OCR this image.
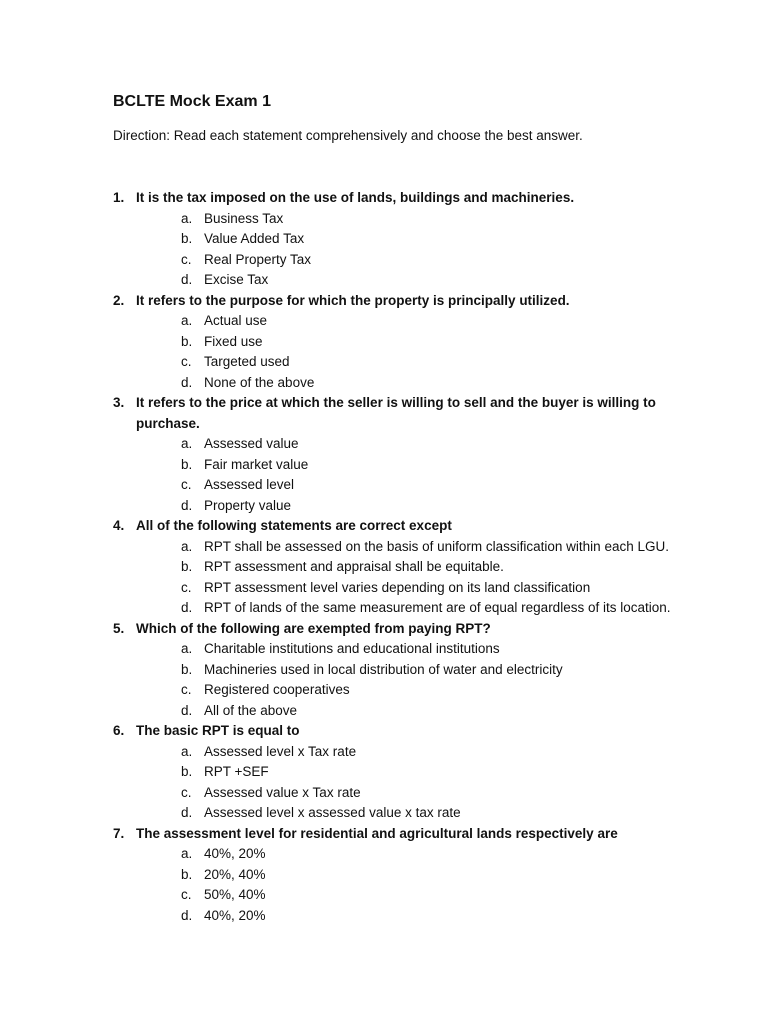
BCLTE Mock Exam 1

Direction: Read each statement comprehensively and choose the best answer.

1. It is the tax imposed on the use of lands, buildings and machineries.

a. Business Tax
b. Value Added Tax
c. Real Property Tax
d. Excise Tax
2. It refers to the purpose for which the property is principally utilized.

a. Actual use
b. Fixed use
c. Targeted used
d. None of the above
3. It refers to the price at which the seller is willing to sell and the buyer is willing to purchase.

a. Assessed value
b. Fair market value
c. Assessed level
d. Property value
4. All of the following statements are correct except

a. RPT shall be assessed on the basis of uniform classification within each LGU.
b. RPT assessment and appraisal shall be equitable.
c. RPT assessment level varies depending on its land classification
d. RPT of lands of the same measurement are of equal regardless of its location.
5. Which of the following are exempted from paying RPT?

a. Charitable institutions and educational institutions
b. Machineries used in local distribution of water and electricity
c. Registered cooperatives
d. All of the above
6. The basic RPT is equal to

a. Assessed level x Tax rate
b. RPT +SEF
c. Assessed value x Tax rate
d. Assessed level x assessed value x tax rate
7. The assessment level for residential and agricultural lands respectively are

a. 40%, 20%
b. 20%, 40%
c. 50%, 40%
d. 40%, 20%
